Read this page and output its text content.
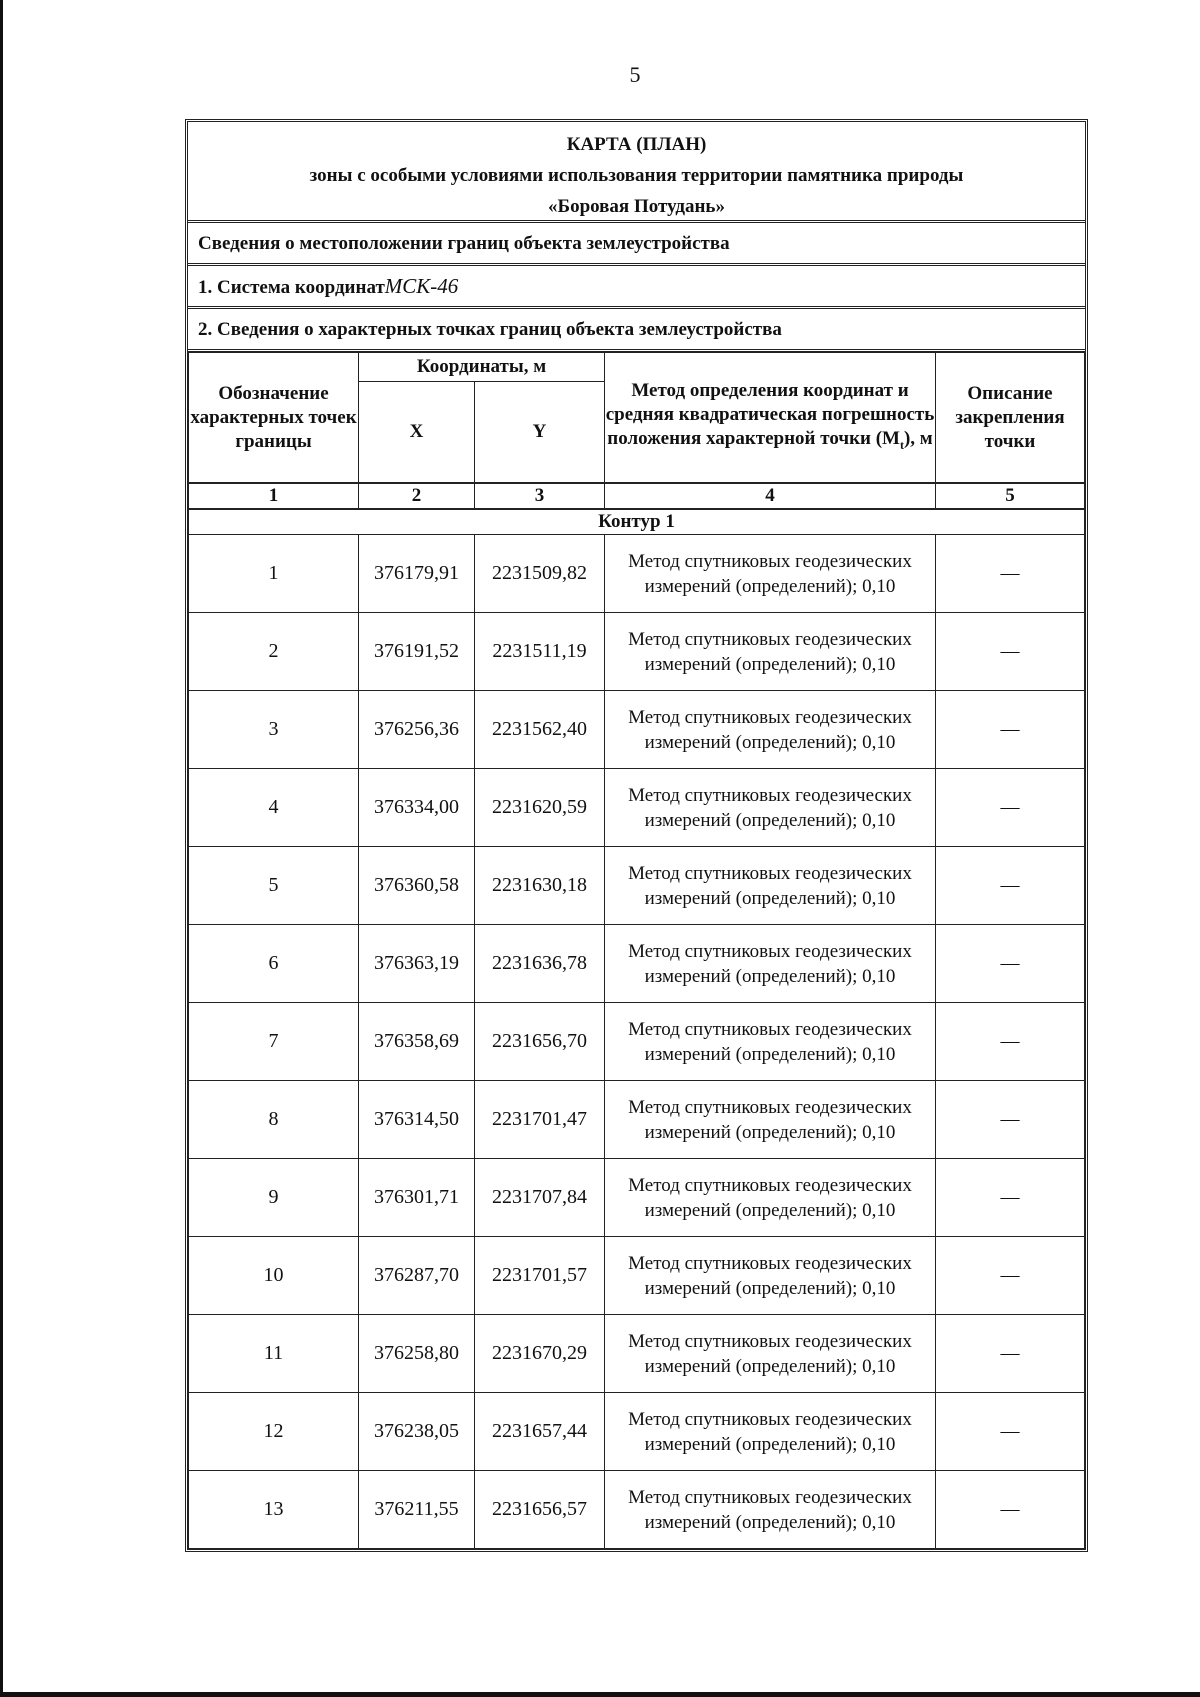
5
КАРТА (ПЛАН)
зоны с особыми условиями использования территории памятника природы
«Боровая Потудань»
Сведения о местоположении границ объекта землеустройства
1. Система координатМСК-46
2. Сведения о характерных точках границ объекта землеустройства
Обозначение характерных точек границы	Координаты, м		Метод определения координат и средняя квадратическая погрешность положения характерной точки $(M_t)$, м	Описание закрепления точки
	X	Y		
1	2	3	4	5
Контур 1				
1	376179,91	2231509,82	Метод спутниковых геодезических измерений (определений); 0,10	—
2	376191,52	2231511,19	Метод спутниковых геодезических измерений (определений); 0,10	—
3	376256,36	2231562,40	Метод спутниковых геодезических измерений (определений); 0,10	—
4	376334,00	2231620,59	Метод спутниковых геодезических измерений (определений); 0,10	—
5	376360,58	2231630,18	Метод спутниковых геодезических измерений (определений); 0,10	—
6	376363,19	2231636,78	Метод спутниковых геодезических измерений (определений); 0,10	—
7	376358,69	2231656,70	Метод спутниковых геодезических измерений (определений); 0,10	—
8	376314,50	2231701,47	Метод спутниковых геодезических измерений (определений); 0,10	—
9	376301,71	2231707,84	Метод спутниковых геодезических измерений (определений); 0,10	—
10	376287,70	2231701,57	Метод спутниковых геодезических измерений (определений); 0,10	—
11	376258,80	2231670,29	Метод спутниковых геодезических измерений (определений); 0,10	—
12	376238,05	2231657,44	Метод спутниковых геодезических измерений (определений); 0,10	—
13	376211,55	2231656,57	Метод спутниковых геодезических измерений (определений); 0,10	—
